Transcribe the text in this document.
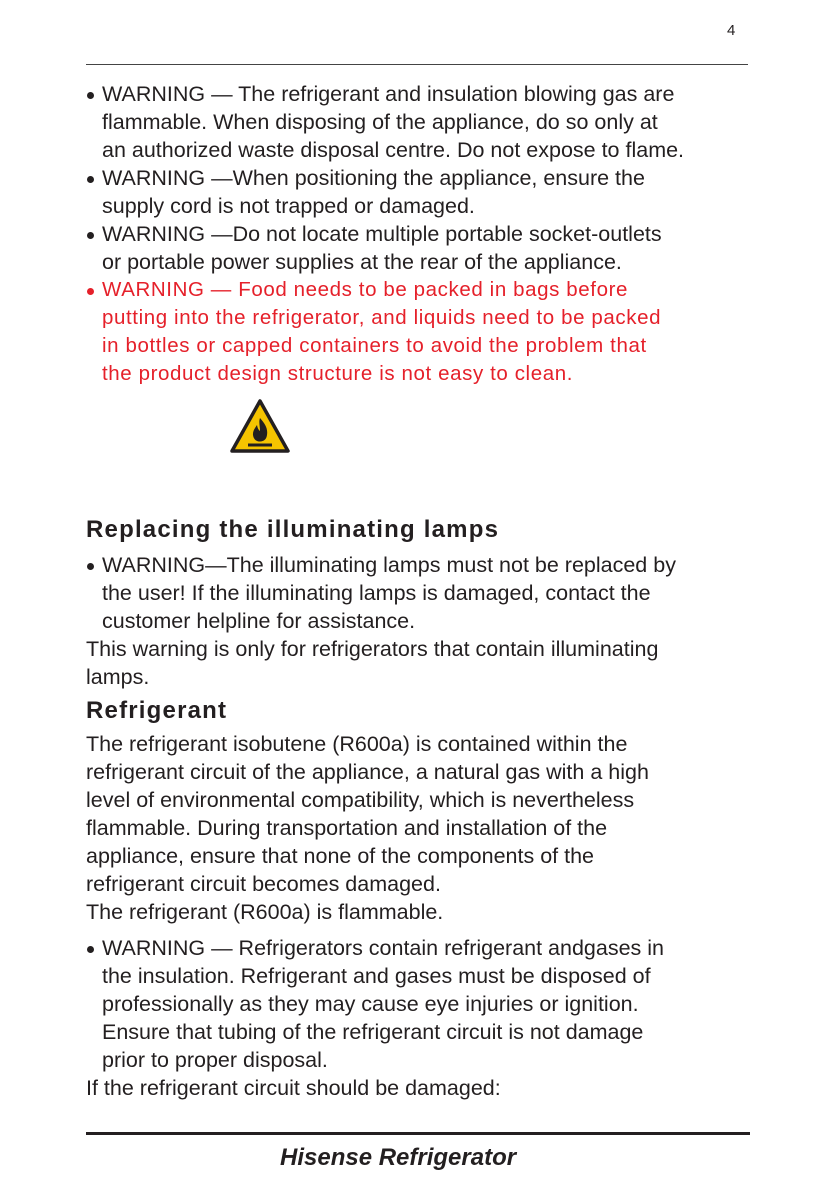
4
WARNING — The refrigerant and insulation blowing gas are
flammable. When disposing of the appliance, do so only at
an authorized waste disposal centre. Do not expose to flame.
WARNING —When positioning the appliance, ensure the
supply cord is not trapped or damaged.
WARNING —Do not locate multiple portable socket-outlets
or portable power supplies at the rear of the appliance.
WARNING — Food needs to be packed in bags before
putting into the refrigerator, and liquids need to be packed
in bottles or capped containers to avoid the problem that
the product design structure is not easy to clean.
Replacing the illuminating lamps
WARNING—The illuminating lamps must not be replaced by
the user! If the illuminating lamps is damaged, contact the
customer helpline for assistance.
This warning is only for refrigerators that contain illuminating
lamps.
Refrigerant
The refrigerant isobutene (R600a) is contained within the
refrigerant circuit of the appliance, a natural gas with a high
level of environmental compatibility, which is nevertheless
flammable. During transportation and installation of the
appliance, ensure that none of the components of the
refrigerant circuit becomes damaged.
The refrigerant (R600a) is flammable.
WARNING — Refrigerators contain refrigerant andgases in
the insulation. Refrigerant and gases must be disposed of
professionally as they may cause eye injuries or ignition.
Ensure that tubing of the refrigerant circuit is not damage
prior to proper disposal.
If the refrigerant circuit should be damaged:
Hisense Refrigerator
